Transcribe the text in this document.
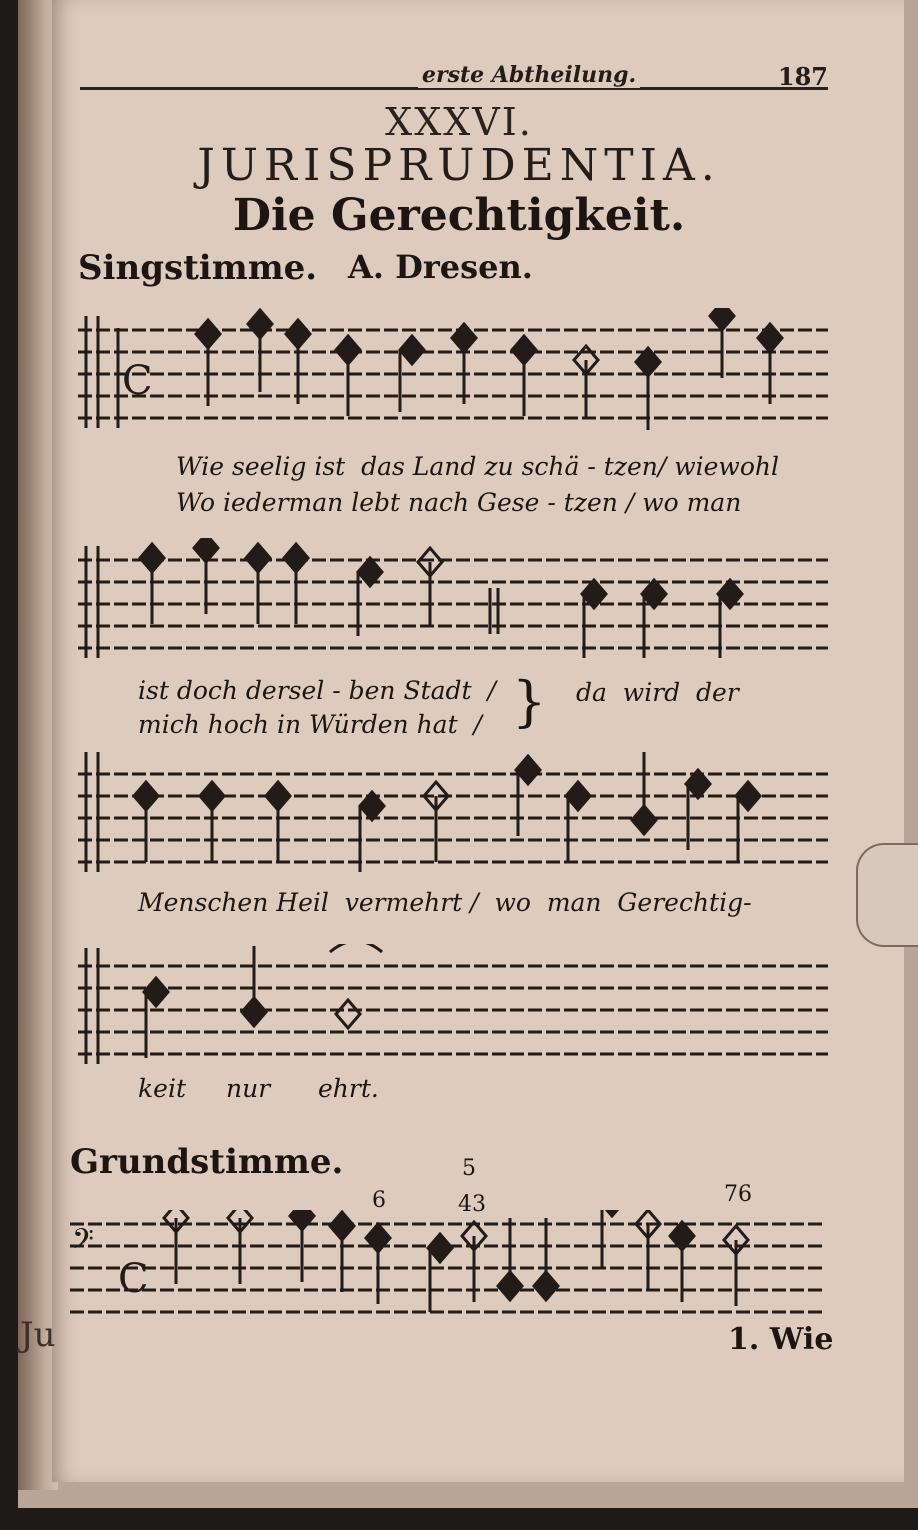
Ju
erste Abtheilung.	187
XXXVI.
JURISPRUDENTIA.
Die Gerechtigkeit.
Singstimme. A. Dresen.
C
Wie seelig ist  das Land zu schä - tzen/ wiewohl
Wo iederman lebt nach Gese - tzen / wo man
ist doch dersel - ben Stadt  /
mich hoch in Würden hat  / } da  wird  der
Menschen Heil  vermehrt /  wo  man  Gerechtig-
keit nur ehrt.
Grundstimme.
6
5
43	76
𝄢
C
1. Wie
